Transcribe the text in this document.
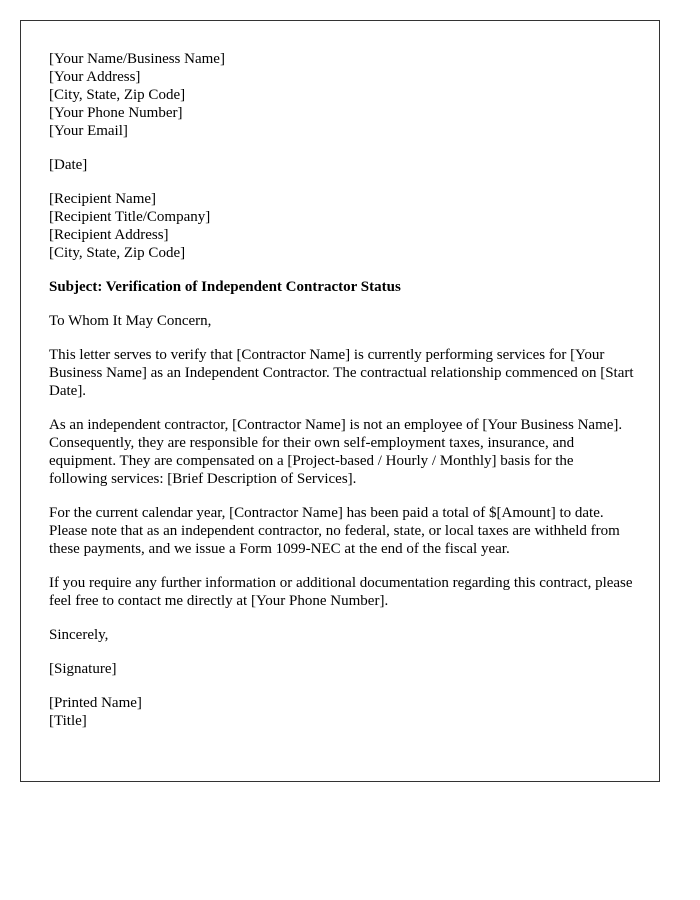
[Your Name/Business Name]
[Your Address]
[City, State, Zip Code]
[Your Phone Number]
[Your Email]
[Date]
[Recipient Name]
[Recipient Title/Company]
[Recipient Address]
[City, State, Zip Code]
Subject: Verification of Independent Contractor Status
To Whom It May Concern,

This letter serves to verify that [Contractor Name] is currently performing services for [Your Business Name] as an Independent Contractor. The contractual relationship commenced on [Start Date].

As an independent contractor, [Contractor Name] is not an employee of [Your Business Name]. Consequently, they are responsible for their own self-employment taxes, insurance, and equipment. They are compensated on a [Project-based / Hourly / Monthly] basis for the following services: [Brief Description of Services].

For the current calendar year, [Contractor Name] has been paid a total of $[Amount] to date. Please note that as an independent contractor, no federal, state, or local taxes are withheld from these payments, and we issue a Form 1099-NEC at the end of the fiscal year.

If you require any further information or additional documentation regarding this contract, please feel free to contact me directly at [Your Phone Number].

Sincerely,
[Signature]
[Printed Name]
[Title]
